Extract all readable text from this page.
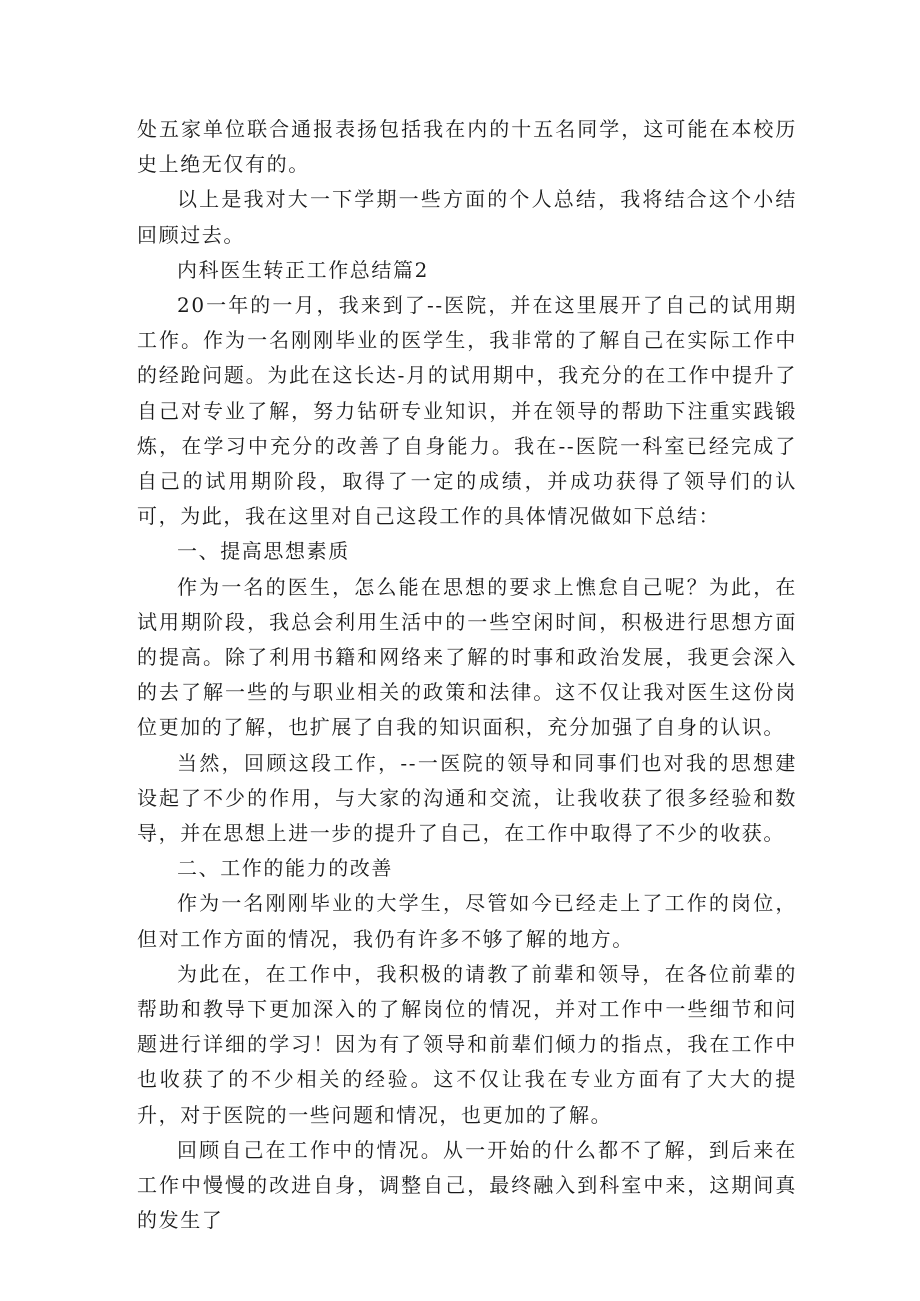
处五家单位联合通报表扬包括我在内的十五名同学，这可能在本校历史上绝无仅有的。

以上是我对大一下学期一些方面的个人总结，我将结合这个小结回顾过去。

内科医生转正工作总结篇2

20一年的一月，我来到了--医院，并在这里展开了自己的试用期工作。作为一名刚刚毕业的医学生，我非常的了解自己在实际工作中的经跄问题。为此在这长达-月的试用期中，我充分的在工作中提升了自己对专业了解，努力钻研专业知识，并在领导的帮助下注重实践锻炼，在学习中充分的改善了自身能力。我在--医院一科室已经完成了自己的试用期阶段，取得了一定的成绩，并成功获得了领导们的认可，为此，我在这里对自己这段工作的具体情况做如下总结：

一、提高思想素质

作为一名的医生，怎么能在思想的要求上憔怠自己呢？为此，在试用期阶段，我总会利用生活中的一些空闲时间，积极进行思想方面的提高。除了利用书籍和网络来了解的时事和政治发展，我更会深入的去了解一些的与职业相关的政策和法律。这不仅让我对医生这份岗位更加的了解，也扩展了自我的知识面积，充分加强了自身的认识。

当然，回顾这段工作，--一医院的领导和同事们也对我的思想建设起了不少的作用，与大家的沟通和交流，让我收获了很多经验和数导，并在思想上进一步的提升了自己，在工作中取得了不少的收获。

二、工作的能力的改善

作为一名刚刚毕业的大学生，尽管如今已经走上了工作的岗位，但对工作方面的情况，我仍有许多不够了解的地方。

为此在，在工作中，我积极的请教了前辈和领导，在各位前辈的帮助和教导下更加深入的了解岗位的情况，并对工作中一些细节和问题进行详细的学习！因为有了领导和前辈们倾力的指点，我在工作中也收获了的不少相关的经验。这不仅让我在专业方面有了大大的提升，对于医院的一些问题和情况，也更加的了解。

回顾自己在工作中的情况。从一开始的什么都不了解，到后来在工作中慢慢的改进自身，调整自己，最终融入到科室中来，这期间真的发生了
